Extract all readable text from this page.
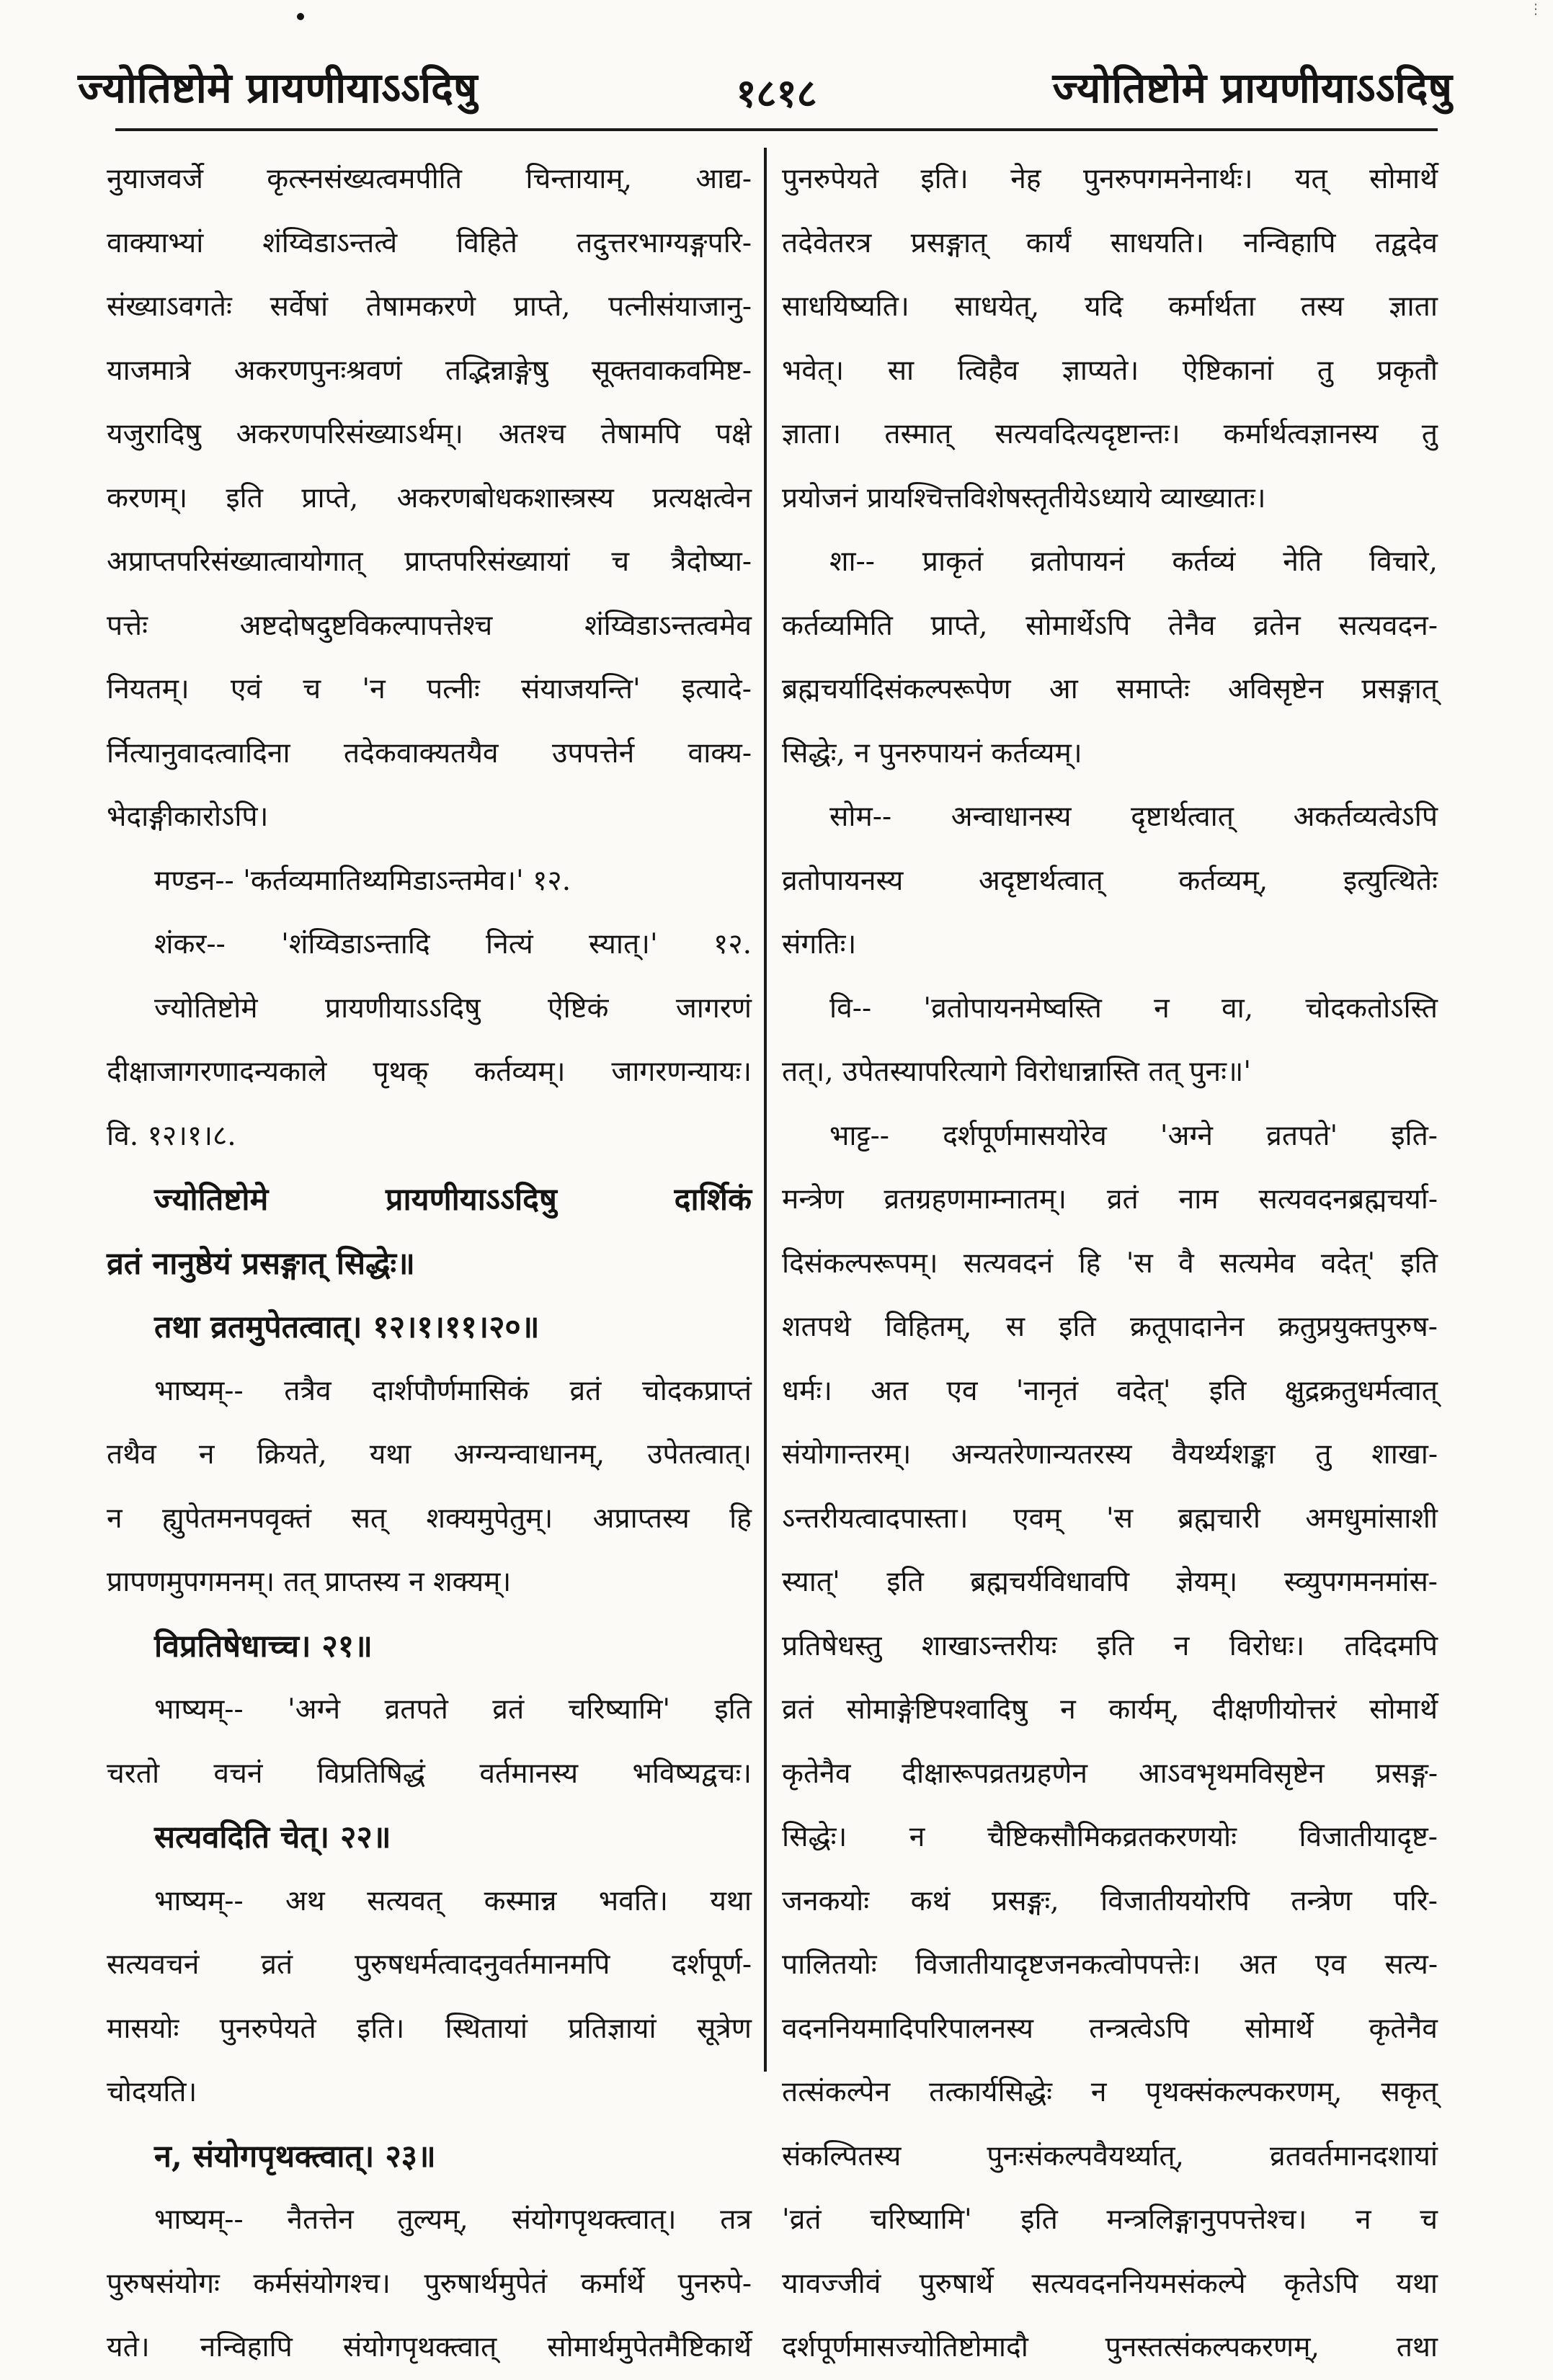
⋮
ज्योतिष्टोमे प्रायणीयाऽऽदिषु	१८१८	ज्योतिष्टोमे प्रायणीयाऽऽदिषु
नुयाजवर्जे कृत्स्नसंख्यत्वमपीति चिन्तायाम्, आद्य-
वाक्याभ्यां शंय्विडाऽन्तत्वे विहिते तदुत्तरभाग्यङ्गपरि-
संख्याऽवगतेः सर्वेषां तेषामकरणे प्राप्ते, पत्नीसंयाजानु-
याजमात्रे अकरणपुनःश्रवणं तद्भिन्नाङ्गेषु सूक्तवाकवमिष्ट-
यजुरादिषु अकरणपरिसंख्याऽर्थम्। अतश्च तेषामपि पक्षे
करणम्। इति प्राप्ते, अकरणबोधकशास्त्रस्य प्रत्यक्षत्वेन
अप्राप्तपरिसंख्यात्वायोगात् प्राप्तपरिसंख्यायां च त्रैदोष्या-
पत्तेः अष्टदोषदुष्टविकल्पापत्तेश्च शंय्विडाऽन्तत्वमेव
नियतम्। एवं च 'न पत्नीः संयाजयन्ति' इत्यादे-
र्नित्यानुवादत्वादिना तदेकवाक्यतयैव उपपत्तेर्न वाक्य-
भेदाङ्गीकारोऽपि।
मण्डन-- 'कर्तव्यमातिथ्यमिडाऽन्तमेव।' १२.
शंकर-- 'शंय्विडाऽन्तादि नित्यं स्यात्।' १२.
ज्योतिष्टोमे प्रायणीयाऽऽदिषु ऐष्टिकं जागरणं
दीक्षाजागरणादन्यकाले पृथक् कर्तव्यम्। जागरणन्यायः।
वि. १२।१।८.
ज्योतिष्टोमे प्रायणीयाऽऽदिषु दार्शिकं
व्रतं नानुष्ठेयं प्रसङ्गात् सिद्धेः॥
तथा व्रतमुपेतत्वात्। १२।१।११।२०॥
भाष्यम्-- तत्रैव दार्शपौर्णमासिकं व्रतं चोदकप्राप्तं
तथैव न क्रियते, यथा अग्न्यन्वाधानम्, उपेतत्वात्।
न ह्युपेतमनपवृक्तं सत् शक्यमुपेतुम्। अप्राप्तस्य हि
प्रापणमुपगमनम्। तत् प्राप्तस्य न शक्यम्।
विप्रतिषेधाच्च। २१॥
भाष्यम्-- 'अग्ने व्रतपते व्रतं चरिष्यामि' इति
चरतो वचनं विप्रतिषिद्धं वर्तमानस्य भविष्यद्वचः।
सत्यवदिति चेत्। २२॥
भाष्यम्-- अथ सत्यवत् कस्मान्न भवति। यथा
सत्यवचनं व्रतं पुरुषधर्मत्वादनुवर्तमानमपि दर्शपूर्ण-
मासयोः पुनरुपेयते इति। स्थितायां प्रतिज्ञायां सूत्रेण
चोदयति।
न, संयोगपृथक्त्वात्। २३॥
भाष्यम्-- नैतत्तेन तुल्यम्, संयोगपृथक्त्वात्। तत्र
पुरुषसंयोगः कर्मसंयोगश्च। पुरुषार्थमुपेतं कर्मार्थे पुनरुपे-
यते। नन्विहापि संयोगपृथक्त्वात् सोमार्थमुपेतमैष्टिकार्थे
पुनरुपेयते इति। नेह पुनरुपगमनेनार्थः। यत् सोमार्थे
तदेवेतरत्र प्रसङ्गात् कार्यं साधयति। नन्विहापि तद्वदेव
साधयिष्यति। साधयेत्, यदि कर्मार्थता तस्य ज्ञाता
भवेत्। सा त्विहैव ज्ञाप्यते। ऐष्टिकानां तु प्रकृतौ
ज्ञाता। तस्मात् सत्यवदित्यदृष्टान्तः। कर्मार्थत्वज्ञानस्य तु
प्रयोजनं प्रायश्चित्तविशेषस्तृतीयेऽध्याये व्याख्यातः।
शा-- प्राकृतं व्रतोपायनं कर्तव्यं नेति विचारे,
कर्तव्यमिति प्राप्ते, सोमार्थेऽपि तेनैव व्रतेन सत्यवदन-
ब्रह्मचर्यादिसंकल्परूपेण आ समाप्तेः अविसृष्टेन प्रसङ्गात्
सिद्धेः, न पुनरुपायनं कर्तव्यम्।
सोम-- अन्वाधानस्य दृष्टार्थत्वात् अकर्तव्यत्वेऽपि
व्रतोपायनस्य अदृष्टार्थत्वात् कर्तव्यम्, इत्युत्थितेः
संगतिः।
वि-- 'व्रतोपायनमेष्वस्ति न वा, चोदकतोऽस्ति
तत्।, उपेतस्यापरित्यागे विरोधान्नास्ति तत् पुनः॥'
भाट्ट-- दर्शपूर्णमासयोरेव 'अग्ने व्रतपते' इति-
मन्त्रेण व्रतग्रहणमाम्नातम्। व्रतं नाम सत्यवदनब्रह्मचर्या-
दिसंकल्परूपम्। सत्यवदनं हि 'स वै सत्यमेव वदेत्' इति
शतपथे विहितम्, स इति क्रतूपादानेन क्रतुप्रयुक्तपुरुष-
धर्मः। अत एव 'नानृतं वदेत्' इति क्षुद्रक्रतुधर्मत्वात्
संयोगान्तरम्। अन्यतरेणान्यतरस्य वैयर्थ्यशङ्का तु शाखा-
ऽन्तरीयत्वादपास्ता। एवम् 'स ब्रह्मचारी अमधुमांसाशी
स्यात्' इति ब्रह्मचर्यविधावपि ज्ञेयम्। स्व्युपगमनमांस-
प्रतिषेधस्तु शाखाऽन्तरीयः इति न विरोधः। तदिदमपि
व्रतं सोमाङ्गेष्टिपश्वादिषु न कार्यम्, दीक्षणीयोत्तरं सोमार्थे
कृतेनैव दीक्षारूपव्रतग्रहणेन आऽवभृथमविसृष्टेन प्रसङ्ग-
सिद्धेः। न चैष्टिकसौमिकव्रतकरणयोः विजातीयादृष्ट-
जनकयोः कथं प्रसङ्गः, विजातीययोरपि तन्त्रेण परि-
पालितयोः विजातीयादृष्टजनकत्वोपपत्तेः। अत एव सत्य-
वदननियमादिपरिपालनस्य तन्त्रत्वेऽपि सोमार्थे कृतेनैव
तत्संकल्पेन तत्कार्यसिद्धेः न पृथक्संकल्पकरणम्, सकृत्
संकल्पितस्य पुनःसंकल्पवैयर्थ्यात्, व्रतवर्तमानदशायां
'व्रतं चरिष्यामि' इति मन्त्रलिङ्गानुपपत्तेश्च। न च
यावज्जीवं पुरुषार्थे सत्यवदननियमसंकल्पे कृतेऽपि यथा
दर्शपूर्णमासज्योतिष्टोमादौ पुनस्तत्संकल्पकरणम्, तथा
